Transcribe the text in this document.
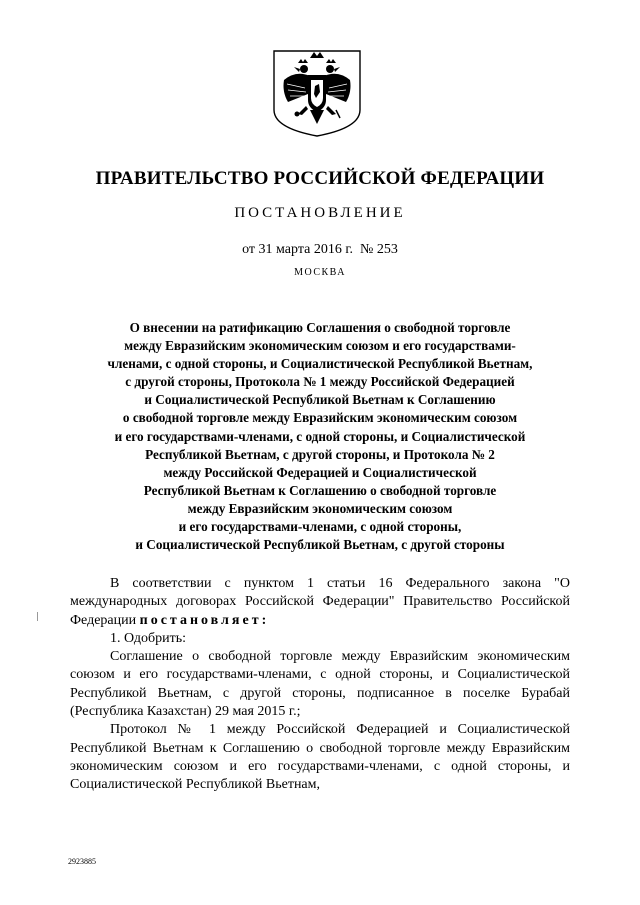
ПРАВИТЕЛЬСТВО РОССИЙСКОЙ ФЕДЕРАЦИИ
ПОСТАНОВЛЕНИЕ
от 31 марта 2016 г. № 253
МОСКВА
О внесении на ратификацию Соглашения о свободной торговле
между Евразийским экономическим союзом и его государствами-
членами, с одной стороны, и Социалистической Республикой Вьетнам,
с другой стороны, Протокола № 1 между Российской Федерацией
и Социалистической Республикой Вьетнам к Соглашению
о свободной торговле между Евразийским экономическим союзом
и его государствами-членами, с одной стороны, и Социалистической
Республикой Вьетнам, с другой стороны, и Протокола № 2
между Российской Федерацией и Социалистической
Республикой Вьетнам к Соглашению о свободной торговле
между Евразийским экономическим союзом
и его государствами-членами, с одной стороны,
и Социалистической Республикой Вьетнам, с другой стороны

В соответствии с пунктом 1 статьи 16 Федерального закона "О международных договорах Российской Федерации" Правительство Российской Федерации постановляет:

1. Одобрить:

Соглашение о свободной торговле между Евразийским экономическим союзом и его государствами-членами, с одной стороны, и Социалистической Республикой Вьетнам, с другой стороны, подписанное в поселке Бурабай (Республика Казахстан) 29 мая 2015 г.;

Протокол № 1 между Российской Федерацией и Социалистической Республикой Вьетнам к Соглашению о свободной торговле между Евразийским экономическим союзом и его государствами-членами, с одной стороны, и Социалистической Республикой Вьетнам,

2923885
